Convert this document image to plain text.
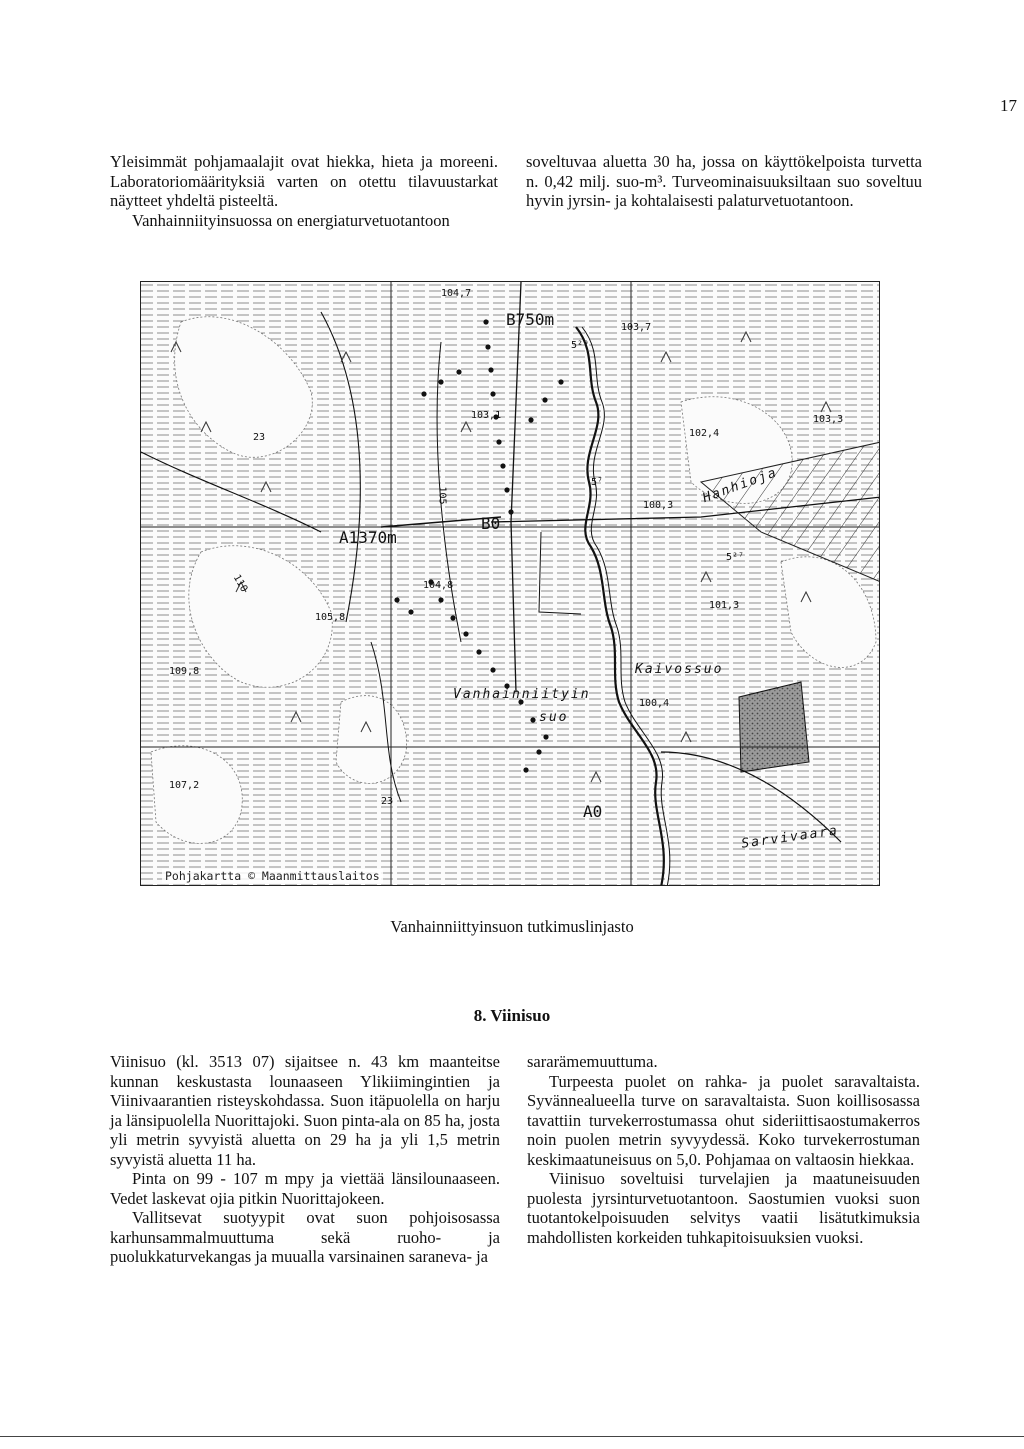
17

Yleisimmät pohjamaalajit ovat hiekka, hieta ja moreeni. Laboratoriomäärityksiä varten on otettu tilavuustarkat näytteet yhdeltä pisteeltä.

Vanhainniityinsuossa on energiaturvetuotantoon

soveltuvaa aluetta 30 ha, jossa on käyttökelpoista turvetta n. 0,42 milj. suo-m³. Turveominaisuuksiltaan suo soveltuu hyvin jyrsin- ja kohtalaisesti palaturvetuotantoon.

104,7
B750m	103,7
5²⁹
103,1
23	102,4
103,3
Hanhioja
B0
5⁷
100,3
A1370m
105
5²⁷
104,8
101,3
105,8
110
109,8	Kaivossuo
Vanhainniityin
suo
100,4
107,2
23
A0
Sarvivaara
Pohjakartta © Maanmittauslaitos
Vanhainniittyinsuon tutkimuslinjasto
8. Viinisuo

Viinisuo (kl. 3513 07) sijaitsee n. 43 km maanteitse kunnan keskustasta lounaaseen Ylikiimingintien ja Viinivaarantien risteyskohdassa. Suon itäpuolella on harju ja länsipuolella Nuorittajoki. Suon pinta-ala on 85 ha, josta yli metrin syvyistä aluetta on 29 ha ja yli 1,5 metrin syvyistä aluetta 11 ha.

Pinta on 99 - 107 m mpy ja viettää länsilounaaseen. Vedet laskevat ojia pitkin Nuorittajokeen.

Vallitsevat suotyypit ovat suon pohjoisosassa karhunsammalmuuttuma sekä ruoho- ja puolukkaturvekangas ja muualla varsinainen saraneva- ja

sararämemuuttuma.

Turpeesta puolet on rahka- ja puolet saravaltaista. Syvännealueella turve on saravaltaista. Suon koillisosassa tavattiin turvekerrostumassa ohut sideriittisaostumakerros noin puolen metrin syvyydessä. Koko turvekerrostuman keskimaatuneisuus on 5,0. Pohjamaa on valtaosin hiekkaa.

Viinisuo soveltuisi turvelajien ja maatuneisuuden puolesta jyrsinturvetuotantoon. Saostumien vuoksi suon tuotantokelpoisuuden selvitys vaatii lisätutkimuksia mahdollisten korkeiden tuhkapitoisuuksien vuoksi.
